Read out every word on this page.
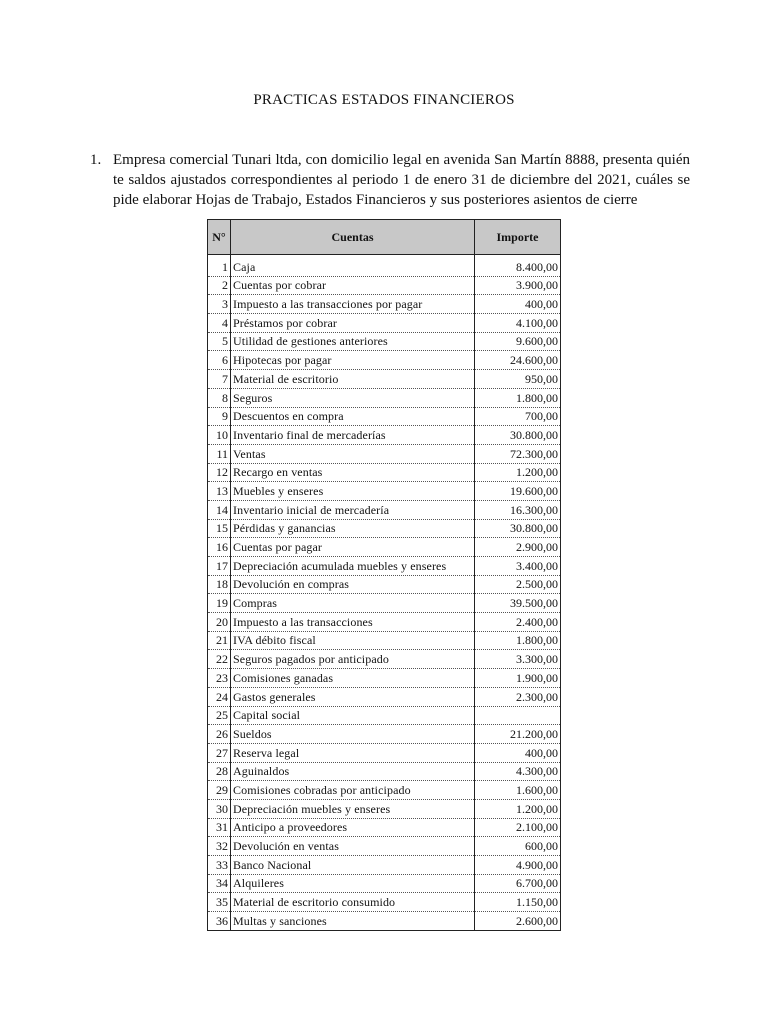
PRACTICAS ESTADOS FINANCIEROS
1. Empresa comercial Tunari ltda, con domicilio legal en avenida San Martín 8888, presenta quién te saldos ajustados correspondientes al periodo 1 de enero 31 de diciembre del 2021, cuáles se pide elaborar Hojas de Trabajo, Estados Financieros y sus posteriores asientos de cierre

N°	Cuentas	Importe

1	Caja	8.400,00
2	Cuentas por cobrar	3.900,00
3	Impuesto a las transacciones por pagar	400,00
4	Préstamos por cobrar	4.100,00
5	Utilidad de gestiones anteriores	9.600,00
6	Hipotecas por pagar	24.600,00
7	Material de escritorio	950,00
8	Seguros	1.800,00
9	Descuentos en compra	700,00
10	Inventario final de mercaderías	30.800,00
11	Ventas	72.300,00
12	Recargo en ventas	1.200,00
13	Muebles y enseres	19.600,00
14	Inventario inicial de mercadería	16.300,00
15	Pérdidas y ganancias	30.800,00
16	Cuentas por pagar	2.900,00
17	Depreciación acumulada muebles y enseres	3.400,00
18	Devolución en compras	2.500,00
19	Compras	39.500,00
20	Impuesto a las transacciones	2.400,00
21	IVA débito fiscal	1.800,00
22	Seguros pagados por anticipado	3.300,00
23	Comisiones ganadas	1.900,00
24	Gastos generales	2.300,00
25	Capital social	
26	Sueldos	21.200,00
27	Reserva legal	400,00
28	Aguinaldos	4.300,00
29	Comisiones cobradas por anticipado	1.600,00
30	Depreciación muebles y enseres	1.200,00
31	Anticipo a proveedores	2.100,00
32	Devolución en ventas	600,00
33	Banco Nacional	4.900,00
34	Alquileres	6.700,00
35	Material de escritorio consumido	1.150,00
36	Multas y sanciones	2.600,00
